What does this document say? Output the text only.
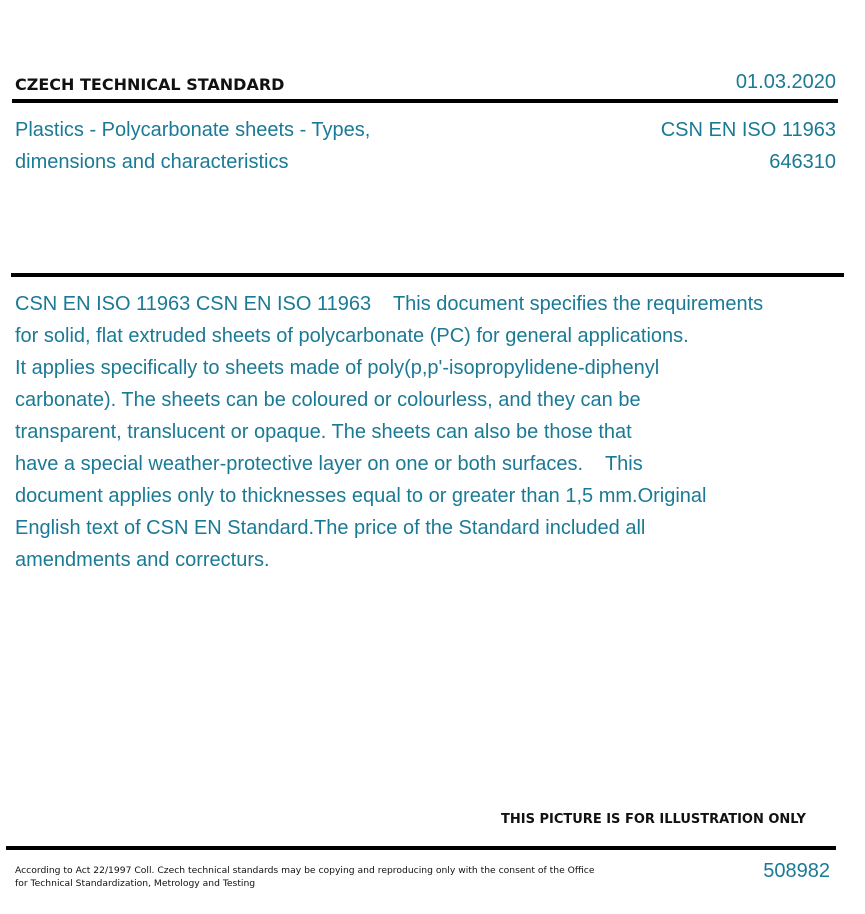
CZECH TECHNICAL STANDARD	01.03.2020
Plastics - Polycarbonate sheets - Types,
dimensions and characteristics
CSN EN ISO 11963
646310
CSN EN ISO 11963 CSN EN ISO 11963    This document specifies the requirements
for solid, flat extruded sheets of polycarbonate (PC) for general applications.
It applies specifically to sheets made of poly(p,p'-isopropylidene-diphenyl
carbonate). The sheets can be coloured or colourless, and they can be
transparent, translucent or opaque. The sheets can also be those that
have a special weather-protective layer on one or both surfaces.    This
document applies only to thicknesses equal to or greater than 1,5 mm.Original
English text of CSN EN Standard.The price of the Standard included all
amendments and correcturs.
THIS PICTURE IS FOR ILLUSTRATION ONLY
According to Act 22/1997 Coll. Czech technical standards may be copying and reproducing only with the consent of the Office
for Technical Standardization, Metrology and Testing
508982
